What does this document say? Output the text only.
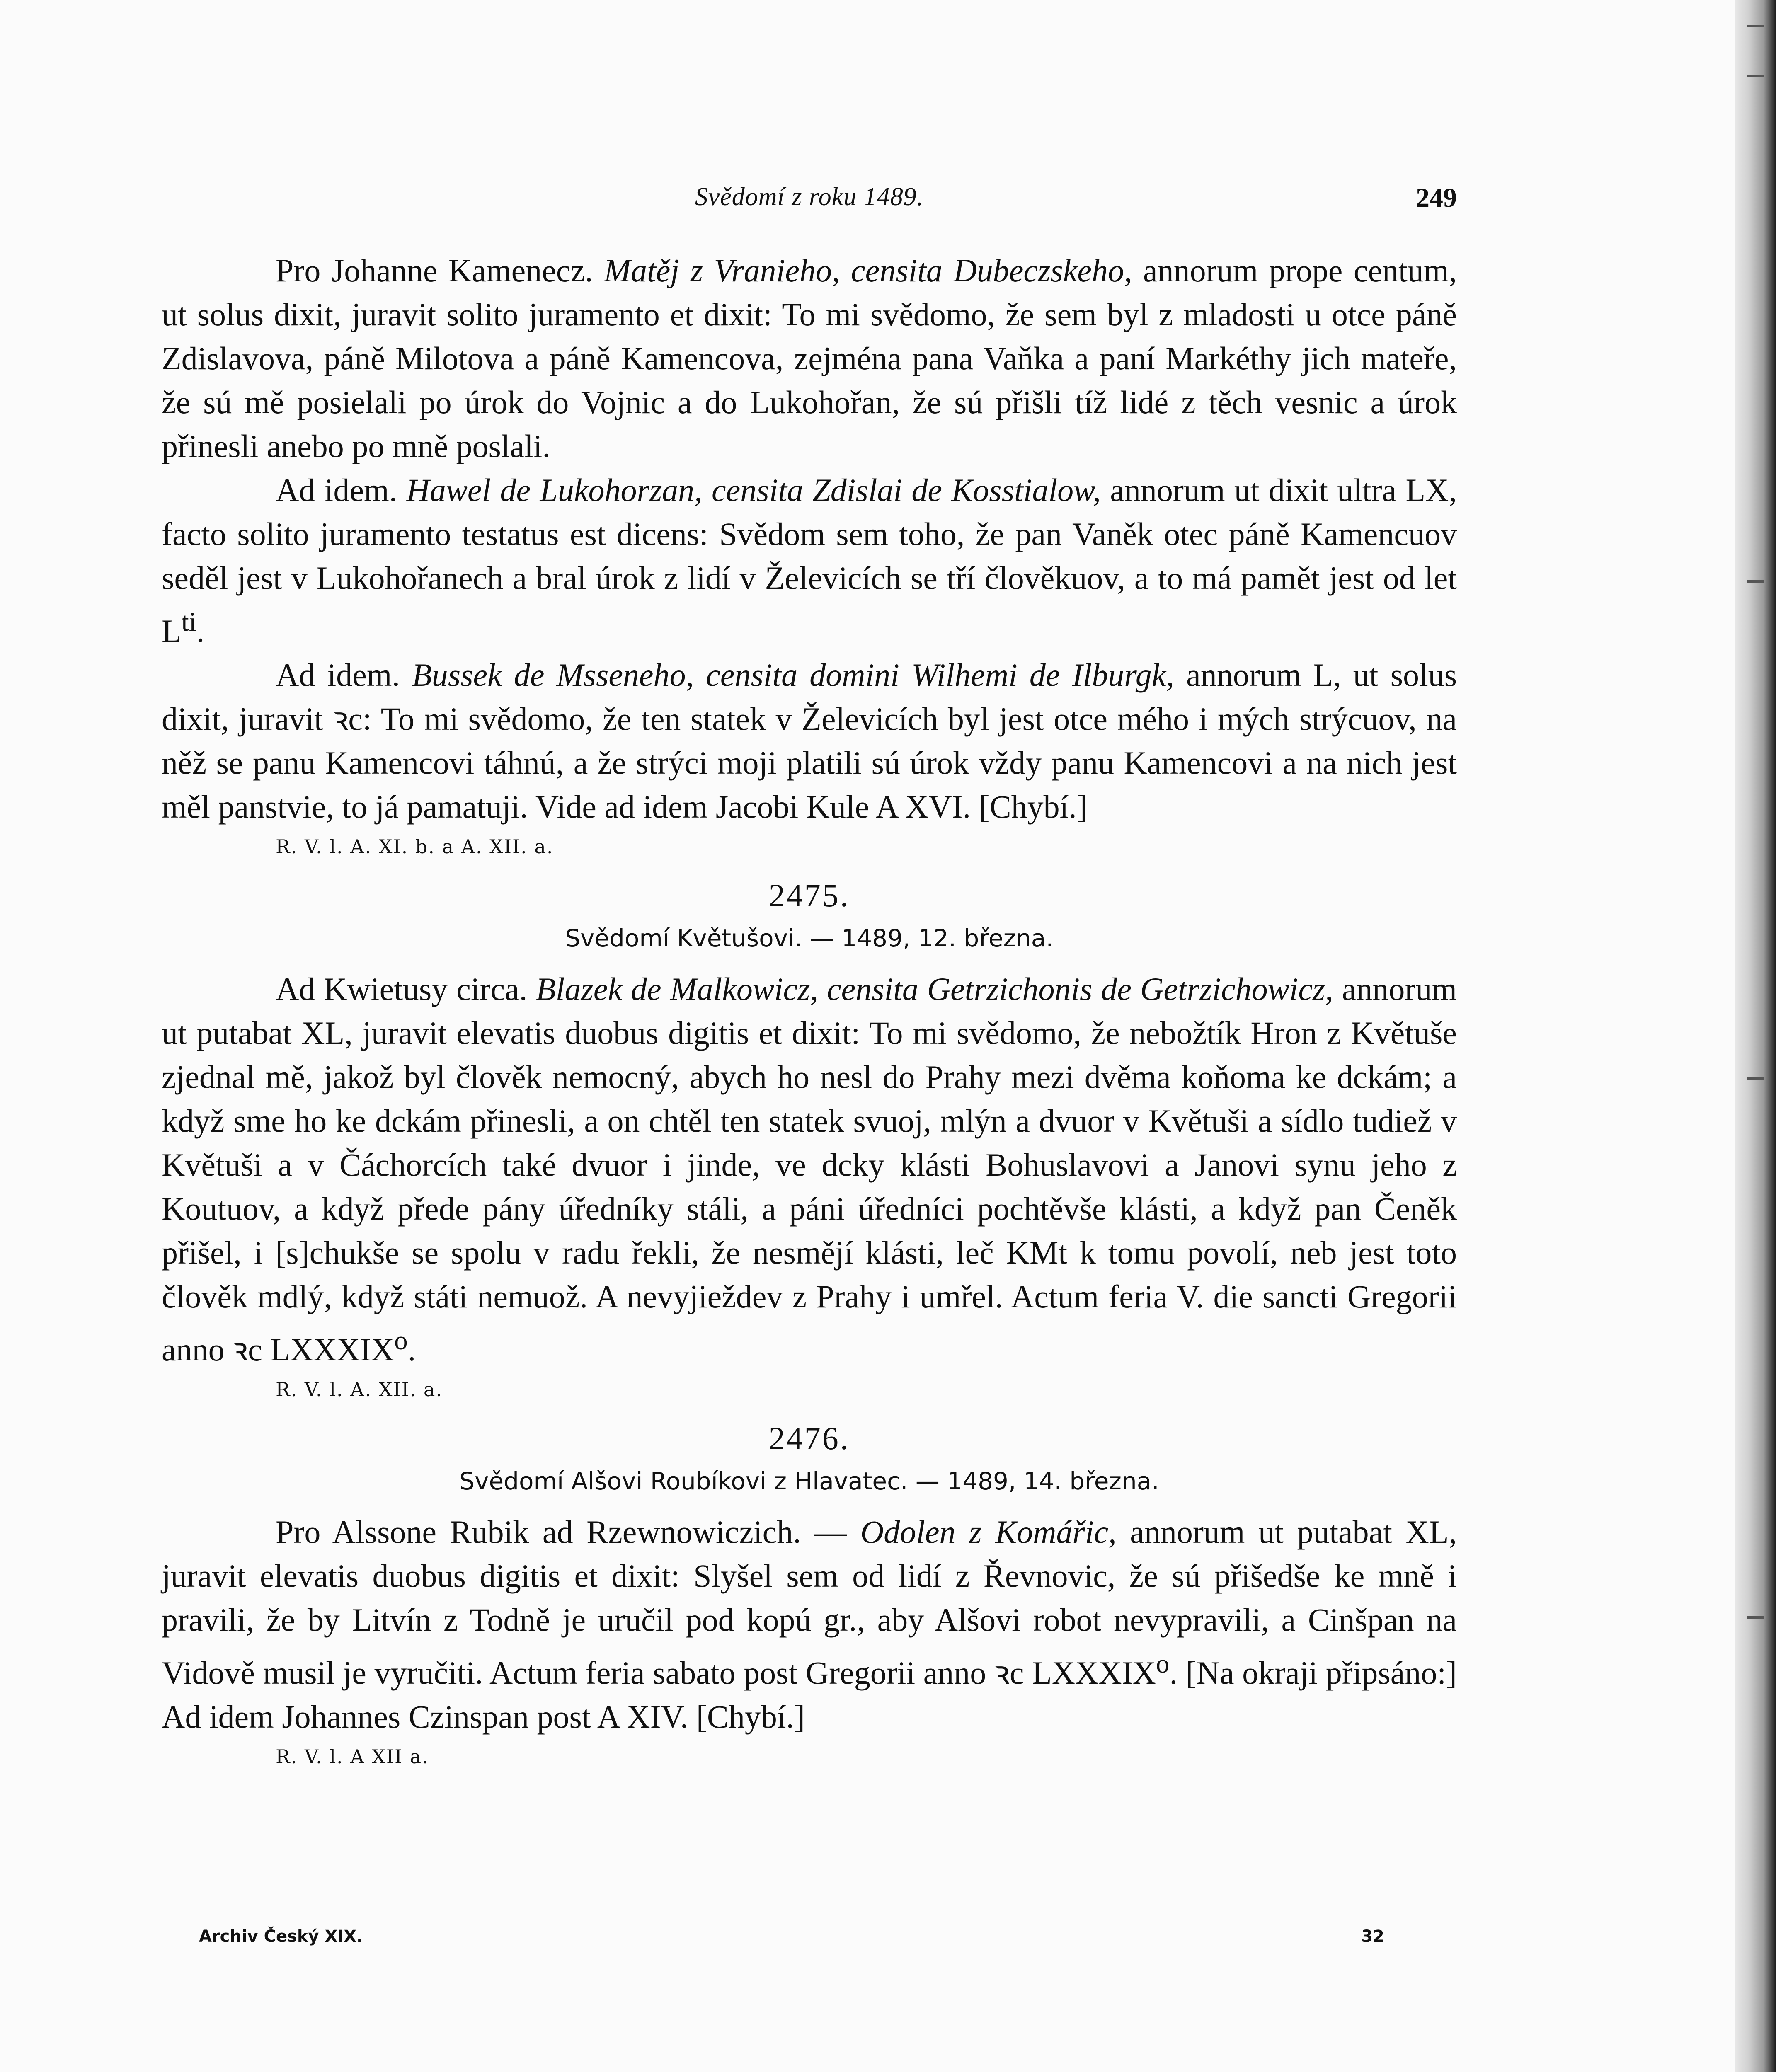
Svědomí z roku 1489.	249

Pro Johanne Kamenecz. Matěj z Vranieho, censita Dubeczskeho, annorum prope centum, ut solus dixit, juravit solito juramento et dixit: To mi svědomo, že sem byl z mladosti u otce páně Zdislavova, páně Milotova a páně Kamencova, zejména pana Vaňka a paní Markéthy jich mateře, že sú mě posielali po úrok do Vojnic a do Lukohořan, že sú přišli tíž lidé z těch vesnic a úrok přinesli anebo po mně poslali.

Ad idem. Hawel de Lukohorzan, censita Zdislai de Kosstialow, annorum ut dixit ultra LX, facto solito juramento testatus est dicens: Svědom sem toho, že pan Vaněk otec páně Kamencuov seděl jest v Lukohořanech a bral úrok z lidí v Želevicích se tří člověkuov, a to má pamět jest od let $L^{ti}$.

Ad idem. Bussek de Msseneho, censita domini Wilhemi de Ilburgk, annorum L, ut solus dixit, juravit ꝛc: To mi svědomo, že ten statek v Želevicích byl jest otce mého i mých strýcuov, na něž se panu Kamencovi táhnú, a že strýci moji platili sú úrok vždy panu Kamencovi a na nich jest měl panstvie, to já pamatuji. Vide ad idem Jacobi Kule A XVI. [Chybí.]

R. V. l. A. XI. b. a A. XII. a.
2475.
Svědomí Květušovi. — 1489, 12. března.

Ad Kwietusy circa. Blazek de Malkowicz, censita Getrzichonis de Getrzichowicz, annorum ut putabat XL, juravit elevatis duobus digitis et dixit: To mi svědomo, že nebožtík Hron z Květuše zjednal mě, jakož byl člověk nemocný, abych ho nesl do Prahy mezi dvěma koňoma ke dckám; a když sme ho ke dckám přinesli, a on chtěl ten statek svuoj, mlýn a dvuor v Květuši a sídlo tudiež v Květuši a v Čáchorcích také dvuor i jinde, ve dcky klásti Bohuslavovi a Janovi synu jeho z Koutuov, a když přede pány úředníky stáli, a páni úředníci pochtěvše klásti, a když pan Čeněk přišel, i [s]chukše se spolu v radu řekli, že nesmějí klásti, leč KMt k tomu povolí, neb jest toto člověk mdlý, když státi nemuož. A nevyjieždev z Prahy i umřel. Actum feria V. die sancti Gregorii anno ꝛc LXXXIX$^o$.

R. V. l. A. XII. a.
2476.
Svědomí Alšovi Roubíkovi z Hlavatec. — 1489, 14. března.

Pro Alssone Rubik ad Rzewnowiczich. — Odolen z Komářic, annorum ut putabat XL, juravit elevatis duobus digitis et dixit: Slyšel sem od lidí z Řevnovic, že sú přišedše ke mně i pravili, že by Litvín z Todně je uručil pod kopú gr., aby Alšovi robot nevypravili, a Cinšpan na Vidově musil je vyručiti. Actum feria sabato post Gregorii anno ꝛc LXXXIX$^o$. [Na okraji připsáno:] Ad idem Johannes Czinspan post A XIV. [Chybí.]

R. V. l. A XII a.
Archiv Český XIX.	32
